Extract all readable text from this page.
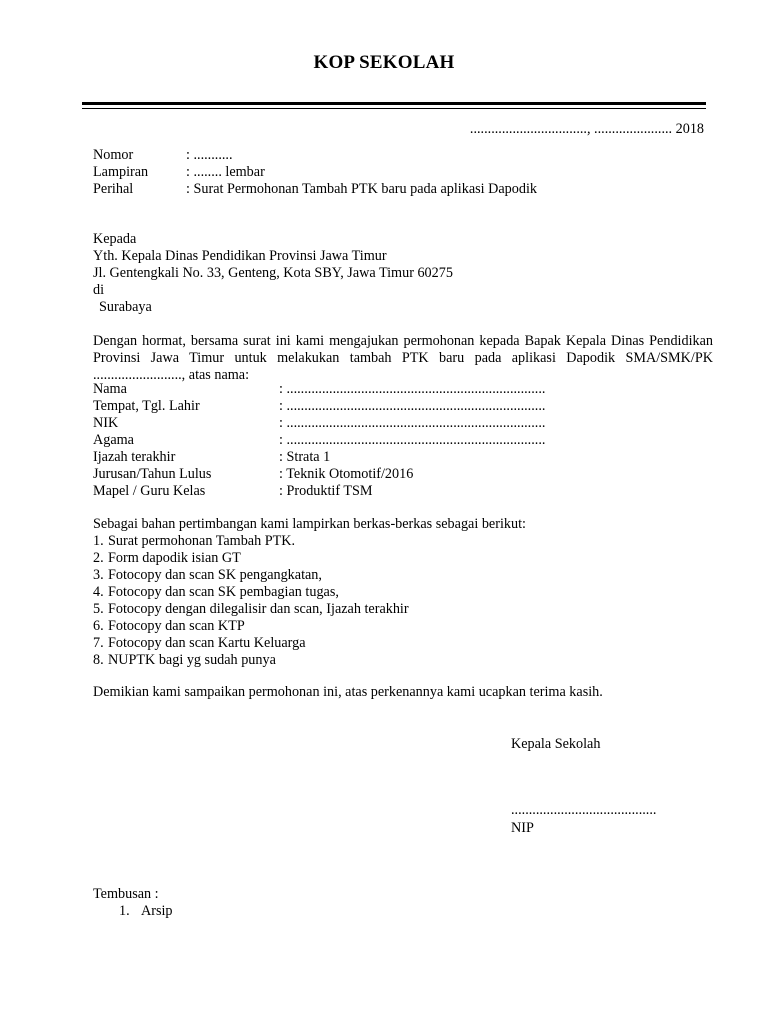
KOP SEKOLAH
................................., ...................... 2018
Nomor	: ...........
Lampiran	: ........ lembar
Perihal	: Surat Permohonan Tambah PTK baru pada aplikasi Dapodik
Kepada
Yth. Kepala Dinas Pendidikan Provinsi Jawa Timur
Jl. Gentengkali No. 33, Genteng, Kota SBY, Jawa Timur 60275
di
Surabaya
Dengan hormat, bersama surat ini kami mengajukan permohonan kepada Bapak Kepala Dinas Pendidikan Provinsi Jawa Timur untuk melakukan tambah PTK baru pada aplikasi Dapodik SMA/SMK/PK ........................., atas nama:
Nama	: .........................................................................
Tempat, Tgl. Lahir	: .........................................................................
NIK	: .........................................................................
Agama	: .........................................................................
Ijazah terakhir	: Strata 1
Jurusan/Tahun Lulus	: Teknik Otomotif/2016
Mapel / Guru Kelas	: Produktif TSM
Sebagai bahan pertimbangan kami lampirkan berkas-berkas sebagai berikut:
1. Surat permohonan Tambah PTK.
2. Form dapodik isian GT
3. Fotocopy dan scan SK pengangkatan,
4. Fotocopy dan scan SK pembagian tugas,
5. Fotocopy dengan dilegalisir dan scan, Ijazah terakhir
6. Fotocopy dan scan KTP
7. Fotocopy dan scan Kartu Keluarga
8. NUPTK bagi yg sudah punya
Demikian kami sampaikan permohonan ini, atas perkenannya kami ucapkan terima kasih.
Kepala Sekolah
.........................................
NIP
Tembusan :
1. Arsip
